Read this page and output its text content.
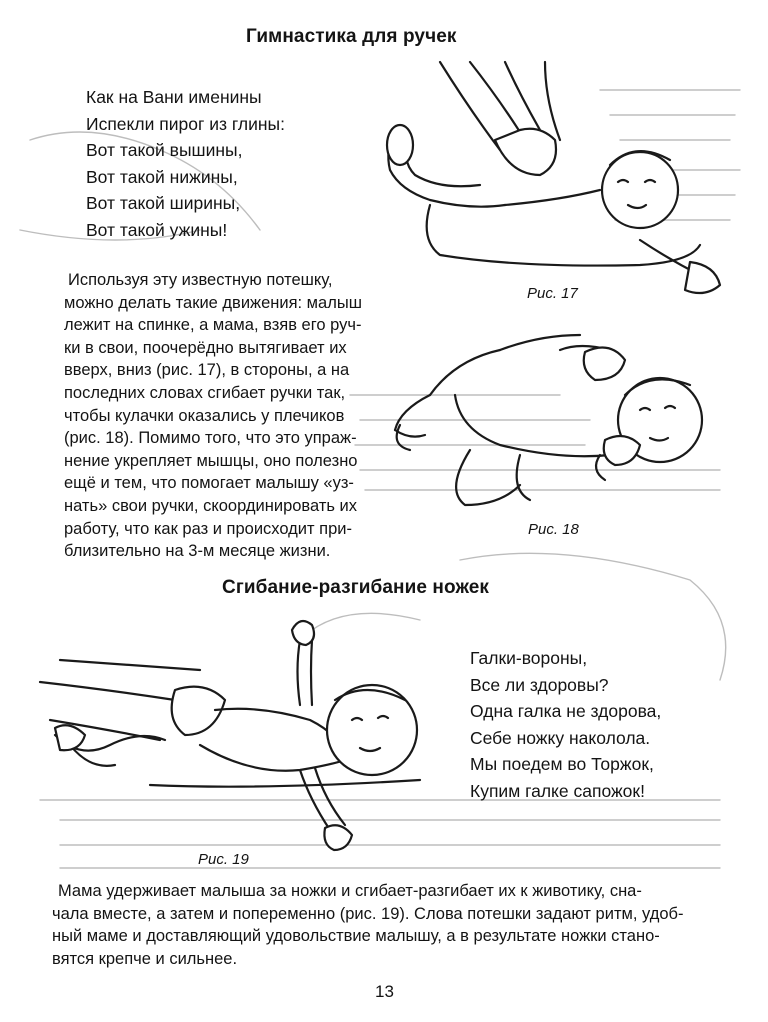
Гимнастика для ручек
Как на Вани именины
Испекли пирог из глины:
Вот такой вышины,
Вот такой нижины,
Вот такой ширины,
Вот такой ужины!
Используя эту известную потешку,
можно делать такие движения: малыш
лежит на спинке, а мама, взяв его руч-
ки в свои, поочерёдно вытягивает их
вверх, вниз (рис. 17), в стороны, а на
последних словах сгибает ручки так,
чтобы кулачки оказались у плечиков
(рис. 18). Помимо того, что это упраж-
нение укрепляет мышцы, оно полезно
ещё и тем, что помогает малышу «уз-
нать» свои ручки, скоординировать их
работу, что как раз и происходит при-
близительно на 3-м месяце жизни.
Рис. 17
Рис. 18
Сгибание-разгибание ножек
Галки-вороны,
Все ли здоровы?
Одна галка не здорова,
Себе ножку наколола.
Мы поедем во Торжок,
Купим галке сапожок!
Рис. 19
Мама удерживает малыша за ножки и сгибает-разгибает их к животику, сна-
чала вместе, а затем и попеременно (рис. 19). Слова потешки задают ритм, удоб-
ный маме и доставляющий удовольствие малышу, а в результате ножки стано-
вятся крепче и сильнее.
13
